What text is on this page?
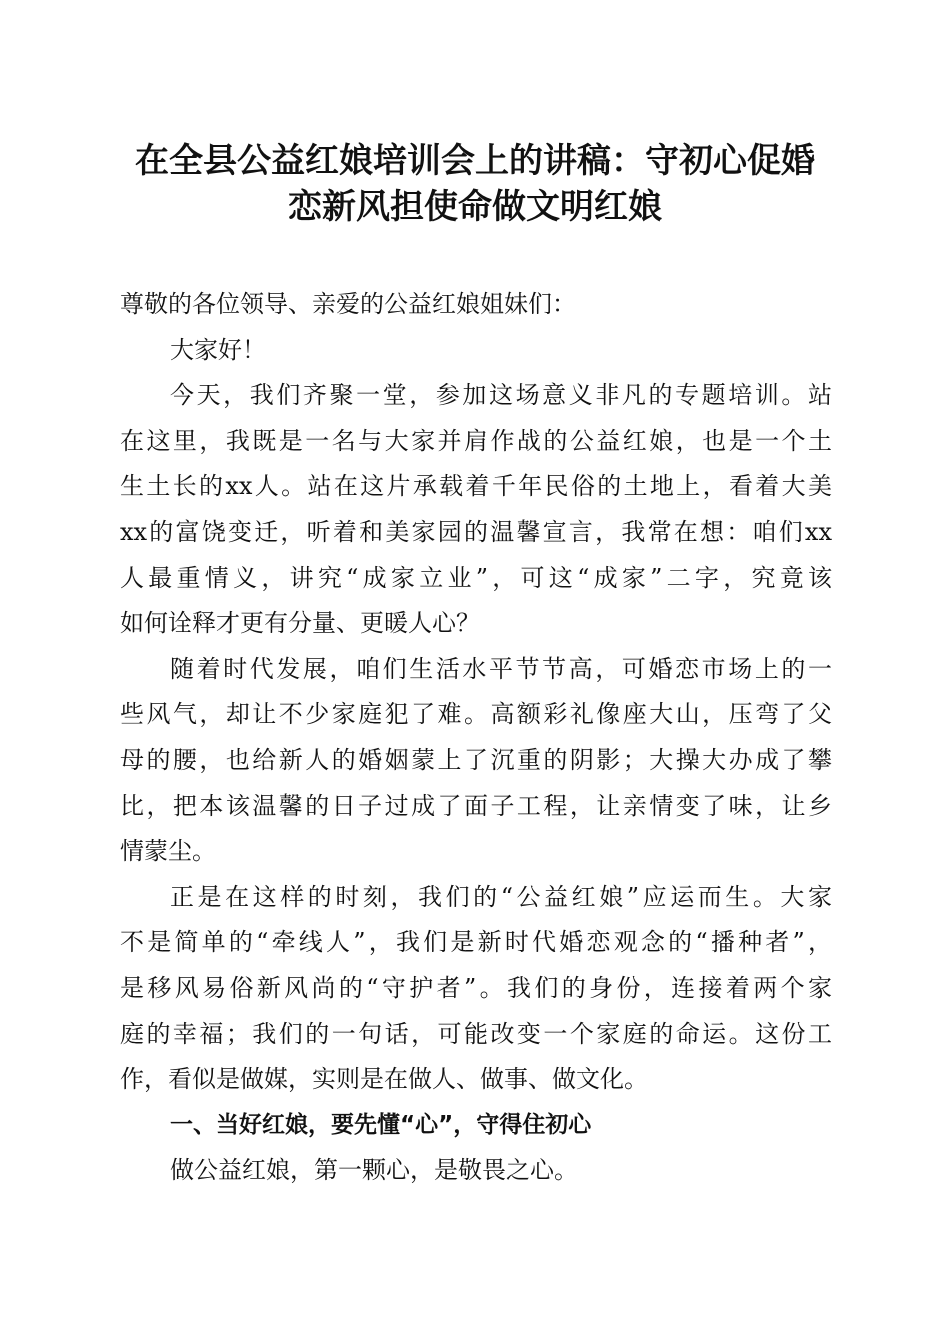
在全县公益红娘培训会上的讲稿：守初心促婚
恋新风担使命做文明红娘
尊敬的各位领导、亲爱的公益红娘姐妹们：
大家好！
今天，我们齐聚一堂，参加这场意义非凡的专题培训。站
在这里，我既是一名与大家并肩作战的公益红娘，也是一个土
生土长的xx人。站在这片承载着千年民俗的土地上，看着大美
xx的富饶变迁，听着和美家园的温馨宣言，我常在想：咱们xx
人最重情义，讲究“成家立业”，可这“成家”二字，究竟该
如何诠释才更有分量、更暖人心？
随着时代发展，咱们生活水平节节高，可婚恋市场上的一
些风气，却让不少家庭犯了难。高额彩礼像座大山，压弯了父
母的腰，也给新人的婚姻蒙上了沉重的阴影；大操大办成了攀
比，把本该温馨的日子过成了面子工程，让亲情变了味，让乡
情蒙尘。
正是在这样的时刻，我们的“公益红娘”应运而生。大家
不是简单的“牵线人”，我们是新时代婚恋观念的“播种者”，
是移风易俗新风尚的“守护者”。我们的身份，连接着两个家
庭的幸福；我们的一句话，可能改变一个家庭的命运。这份工
作，看似是做媒，实则是在做人、做事、做文化。
一、当好红娘，要先懂“心”，守得住初心
做公益红娘，第一颗心，是敬畏之心。
